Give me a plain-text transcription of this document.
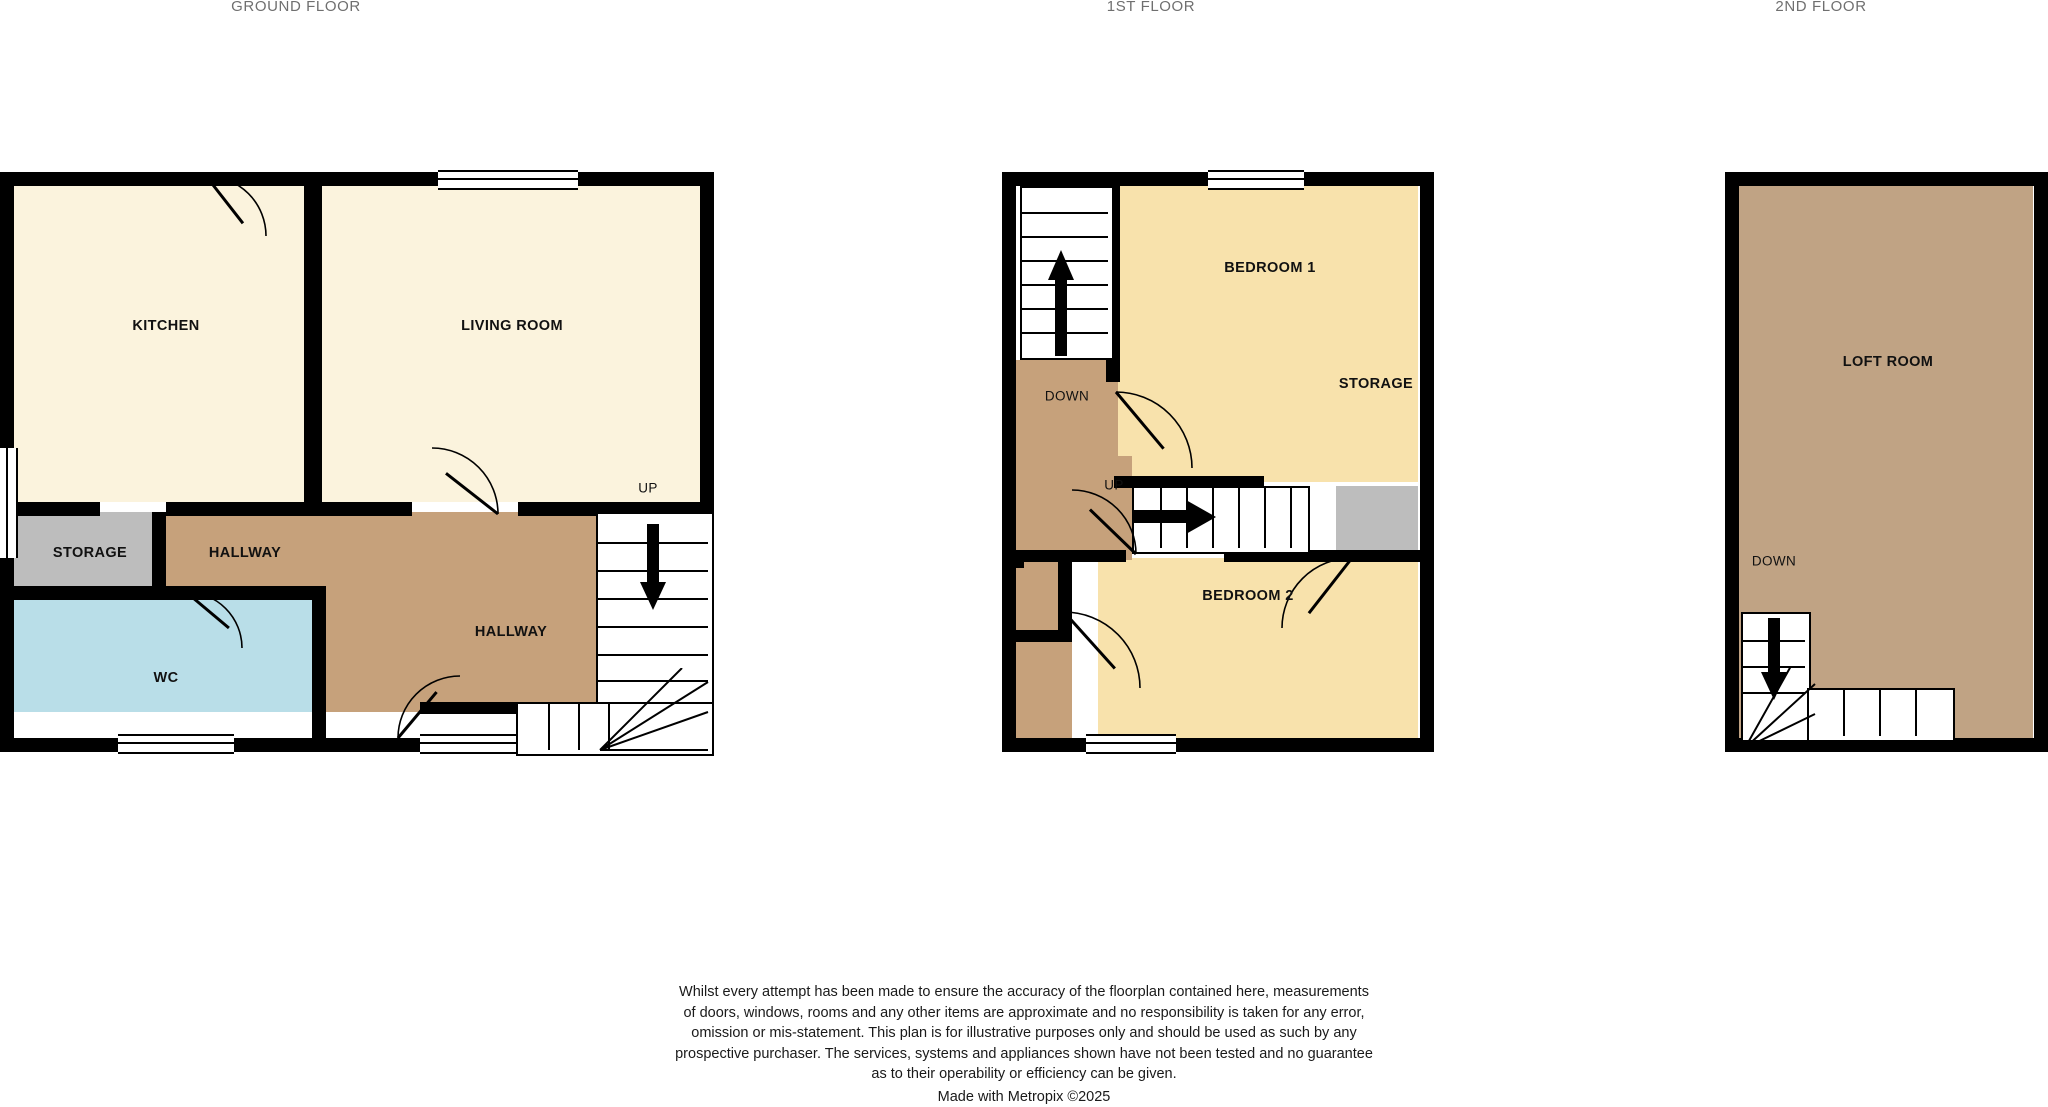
GROUND FLOOR	1ST FLOOR	2ND FLOOR
KITCHEN	LIVING ROOM
STORAGE	HALLWAY
HALLWAY
WC
UP
BEDROOM 1
BEDROOM 2
STORAGE
DOWN
UP
LOFT ROOM
DOWN
Whilst every attempt has been made to ensure the accuracy of the floorplan contained here, measurements
of doors, windows, rooms and any other items are approximate and no responsibility is taken for any error,
omission or mis-statement. This plan is for illustrative purposes only and should be used as such by any
prospective purchaser. The services, systems and appliances shown have not been tested and no guarantee
as to their operability or efficiency can be given.
Made with Metropix ©2025
